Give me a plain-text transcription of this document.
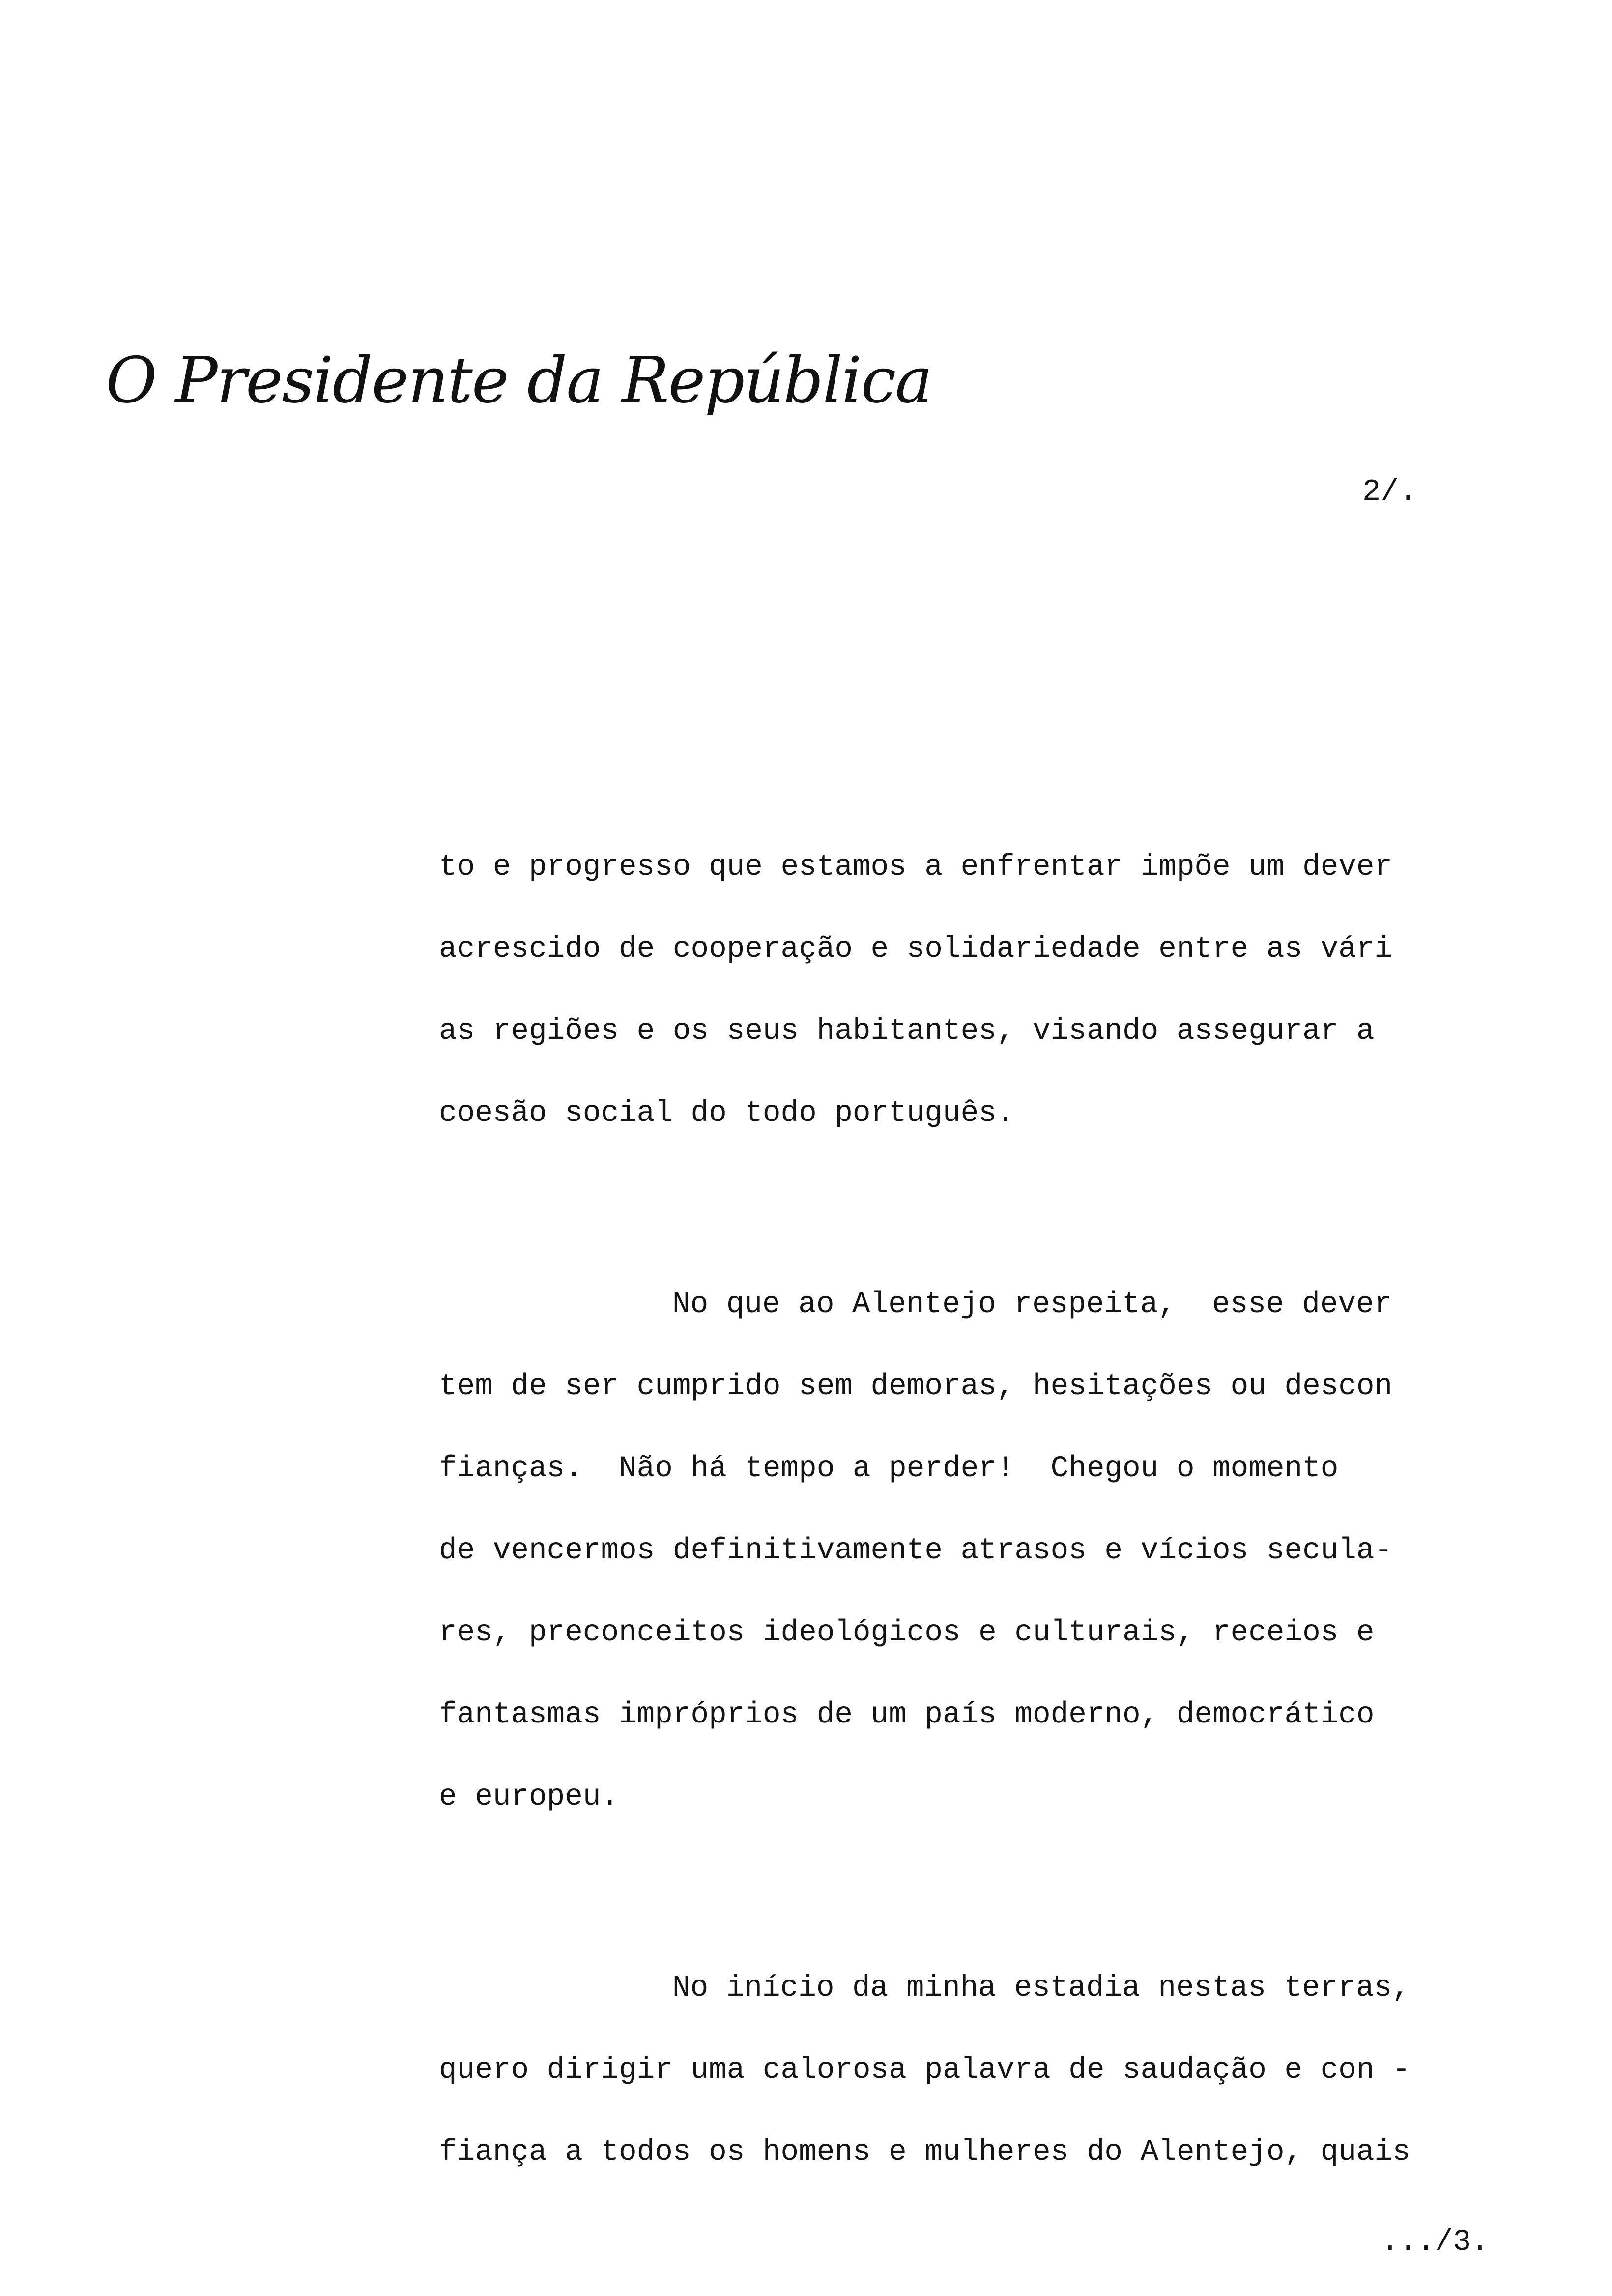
O Presidente da República
2/.
to e progresso que estamos a enfrentar impõe um dever
acrescido de cooperação e solidariedade entre as vári
as regiões e os seus habitantes, visando assegurar a
coesão social do todo português.
No que ao Alentejo respeita,  esse dever
tem de ser cumprido sem demoras, hesitações ou descon
fianças.  Não há tempo a perder!  Chegou o momento
de vencermos definitivamente atrasos e vícios secula-
res, preconceitos ideológicos e culturais, receios e
fantasmas impróprios de um país moderno, democrático
e europeu.
No início da minha estadia nestas terras,
quero dirigir uma calorosa palavra de saudação e con -
fiança a todos os homens e mulheres do Alentejo, quais
.../3.
